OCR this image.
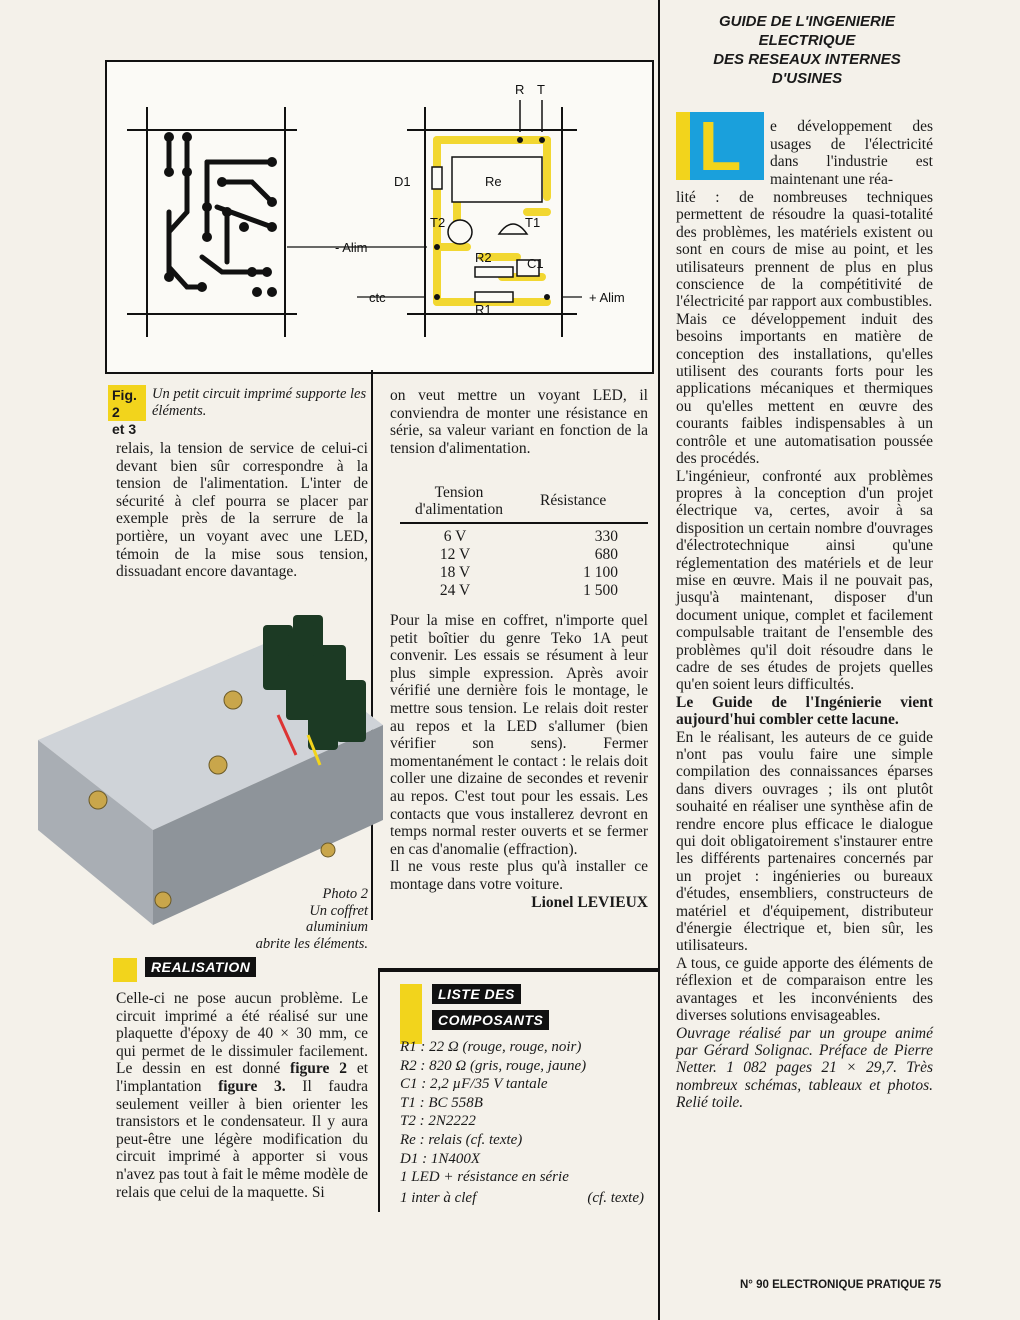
R T
D1	Re
T2	T1
R2	C1
R1
- Alim
ctc	+ Alim
Fig. 2
et 3
Un petit circuit imprimé supporte les éléments.

relais, la tension de service de celui-ci devant bien sûr correspondre à la tension de l'alimentation. L'inter de sécurité à clef pourra se placer par exemple près de la serrure de la portière, un voyant avec une LED, témoin de la mise sous tension, dissuadant encore davantage.

Photo 2
Un coffret
aluminium
abrite les éléments.
REALISATION

Celle-ci ne pose aucun problème. Le circuit imprimé a été réalisé sur une plaquette d'époxy de 40 × 30 mm, ce qui permet de le dissimuler facilement. Le dessin en est donné figure 2 et l'implantation figure 3. Il faudra seulement veiller à bien orienter les transistors et le condensateur. Il y aura peut-être une légère modification du circuit imprimé à apporter si vous n'avez pas tout à fait le même modèle de relais que celui de la maquette. Si

on veut mettre un voyant LED, il conviendra de monter une résistance en série, sa valeur variant en fonction de la tension d'alimentation.

Tension
d'alimentation
Résistance
6 V	330
12 V	680
18 V	1 100
24 V	1 500

Pour la mise en coffret, n'importe quel petit boîtier du genre Teko 1A peut convenir. Les essais se résument à leur plus simple expression. Après avoir vérifié une dernière fois le montage, le mettre sous tension. Le relais doit rester au repos et la LED s'allumer (bien vérifier son sens). Fermer momentanément le contact : le relais doit coller une dizaine de secondes et revenir au repos. C'est tout pour les essais. Les contacts que vous installerez devront en temps normal rester ouverts et se fermer en cas d'anomalie (effraction).

Il ne vous reste plus qu'à installer ce montage dans votre voiture.

Lionel LEVIEUX

LISTE DES
COMPOSANTS
R1 : 22 Ω (rouge, rouge, noir)
R2 : 820 Ω (gris, rouge, jaune)
C1 : 2,2 µF/35 V tantale
T1 : BC 558B
T2 : 2N2222
Re : relais (cf. texte)
D1 : 1N400X
1 LED + résistance en série
1 inter à clef	(cf. texte)
GUIDE DE L'INGENIERIE
ELECTRIQUE
DES RESEAUX INTERNES
D'USINES
L	e développement des usages de l'électricité dans l'industrie est maintenant une réa-

lité : de nombreuses techniques permettent de résoudre la quasi-totalité des problèmes, les matériels existent ou sont en cours de mise au point, et les utilisateurs prennent de plus en plus conscience de la compétitivité de l'électricité par rapport aux combustibles.

Mais ce développement induit des besoins importants en matière de conception des installations, qu'elles utilisent des courants forts pour les applications mécaniques et thermiques ou qu'elles mettent en œuvre des courants faibles indispensables à un contrôle et une automatisation poussée des procédés.

L'ingénieur, confronté aux problèmes propres à la conception d'un projet électrique va, certes, avoir à sa disposition un certain nombre d'ouvrages d'électrotechnique ainsi qu'une réglementation des matériels et de leur mise en œuvre. Mais il ne pouvait pas, jusqu'à maintenant, disposer d'un document unique, complet et facilement compulsable traitant de l'ensemble des problèmes qu'il doit résoudre dans le cadre de ses études de projets quelles qu'en soient leurs difficultés.

Le Guide de l'Ingénierie vient aujourd'hui combler cette lacune.

En le réalisant, les auteurs de ce guide n'ont pas voulu faire une simple compilation des connaissances éparses dans divers ouvrages ; ils ont plutôt souhaité en réaliser une synthèse afin de rendre encore plus efficace le dialogue qui doit obligatoirement s'instaurer entre les différents partenaires concernés par un projet : ingénieries ou bureaux d'études, ensembliers, constructeurs de matériel et d'équipement, distributeur d'énergie électrique et, bien sûr, les utilisateurs.

A tous, ce guide apporte des éléments de réflexion et de comparaison entre les avantages et les inconvénients des diverses solutions envisageables.

Ouvrage réalisé par un groupe animé par Gérard Solignac. Préface de Pierre Netter. 1 082 pages 21 × 29,7. Très nombreux schémas, tableaux et photos. Relié toile.

N° 90 ELECTRONIQUE PRATIQUE 75
